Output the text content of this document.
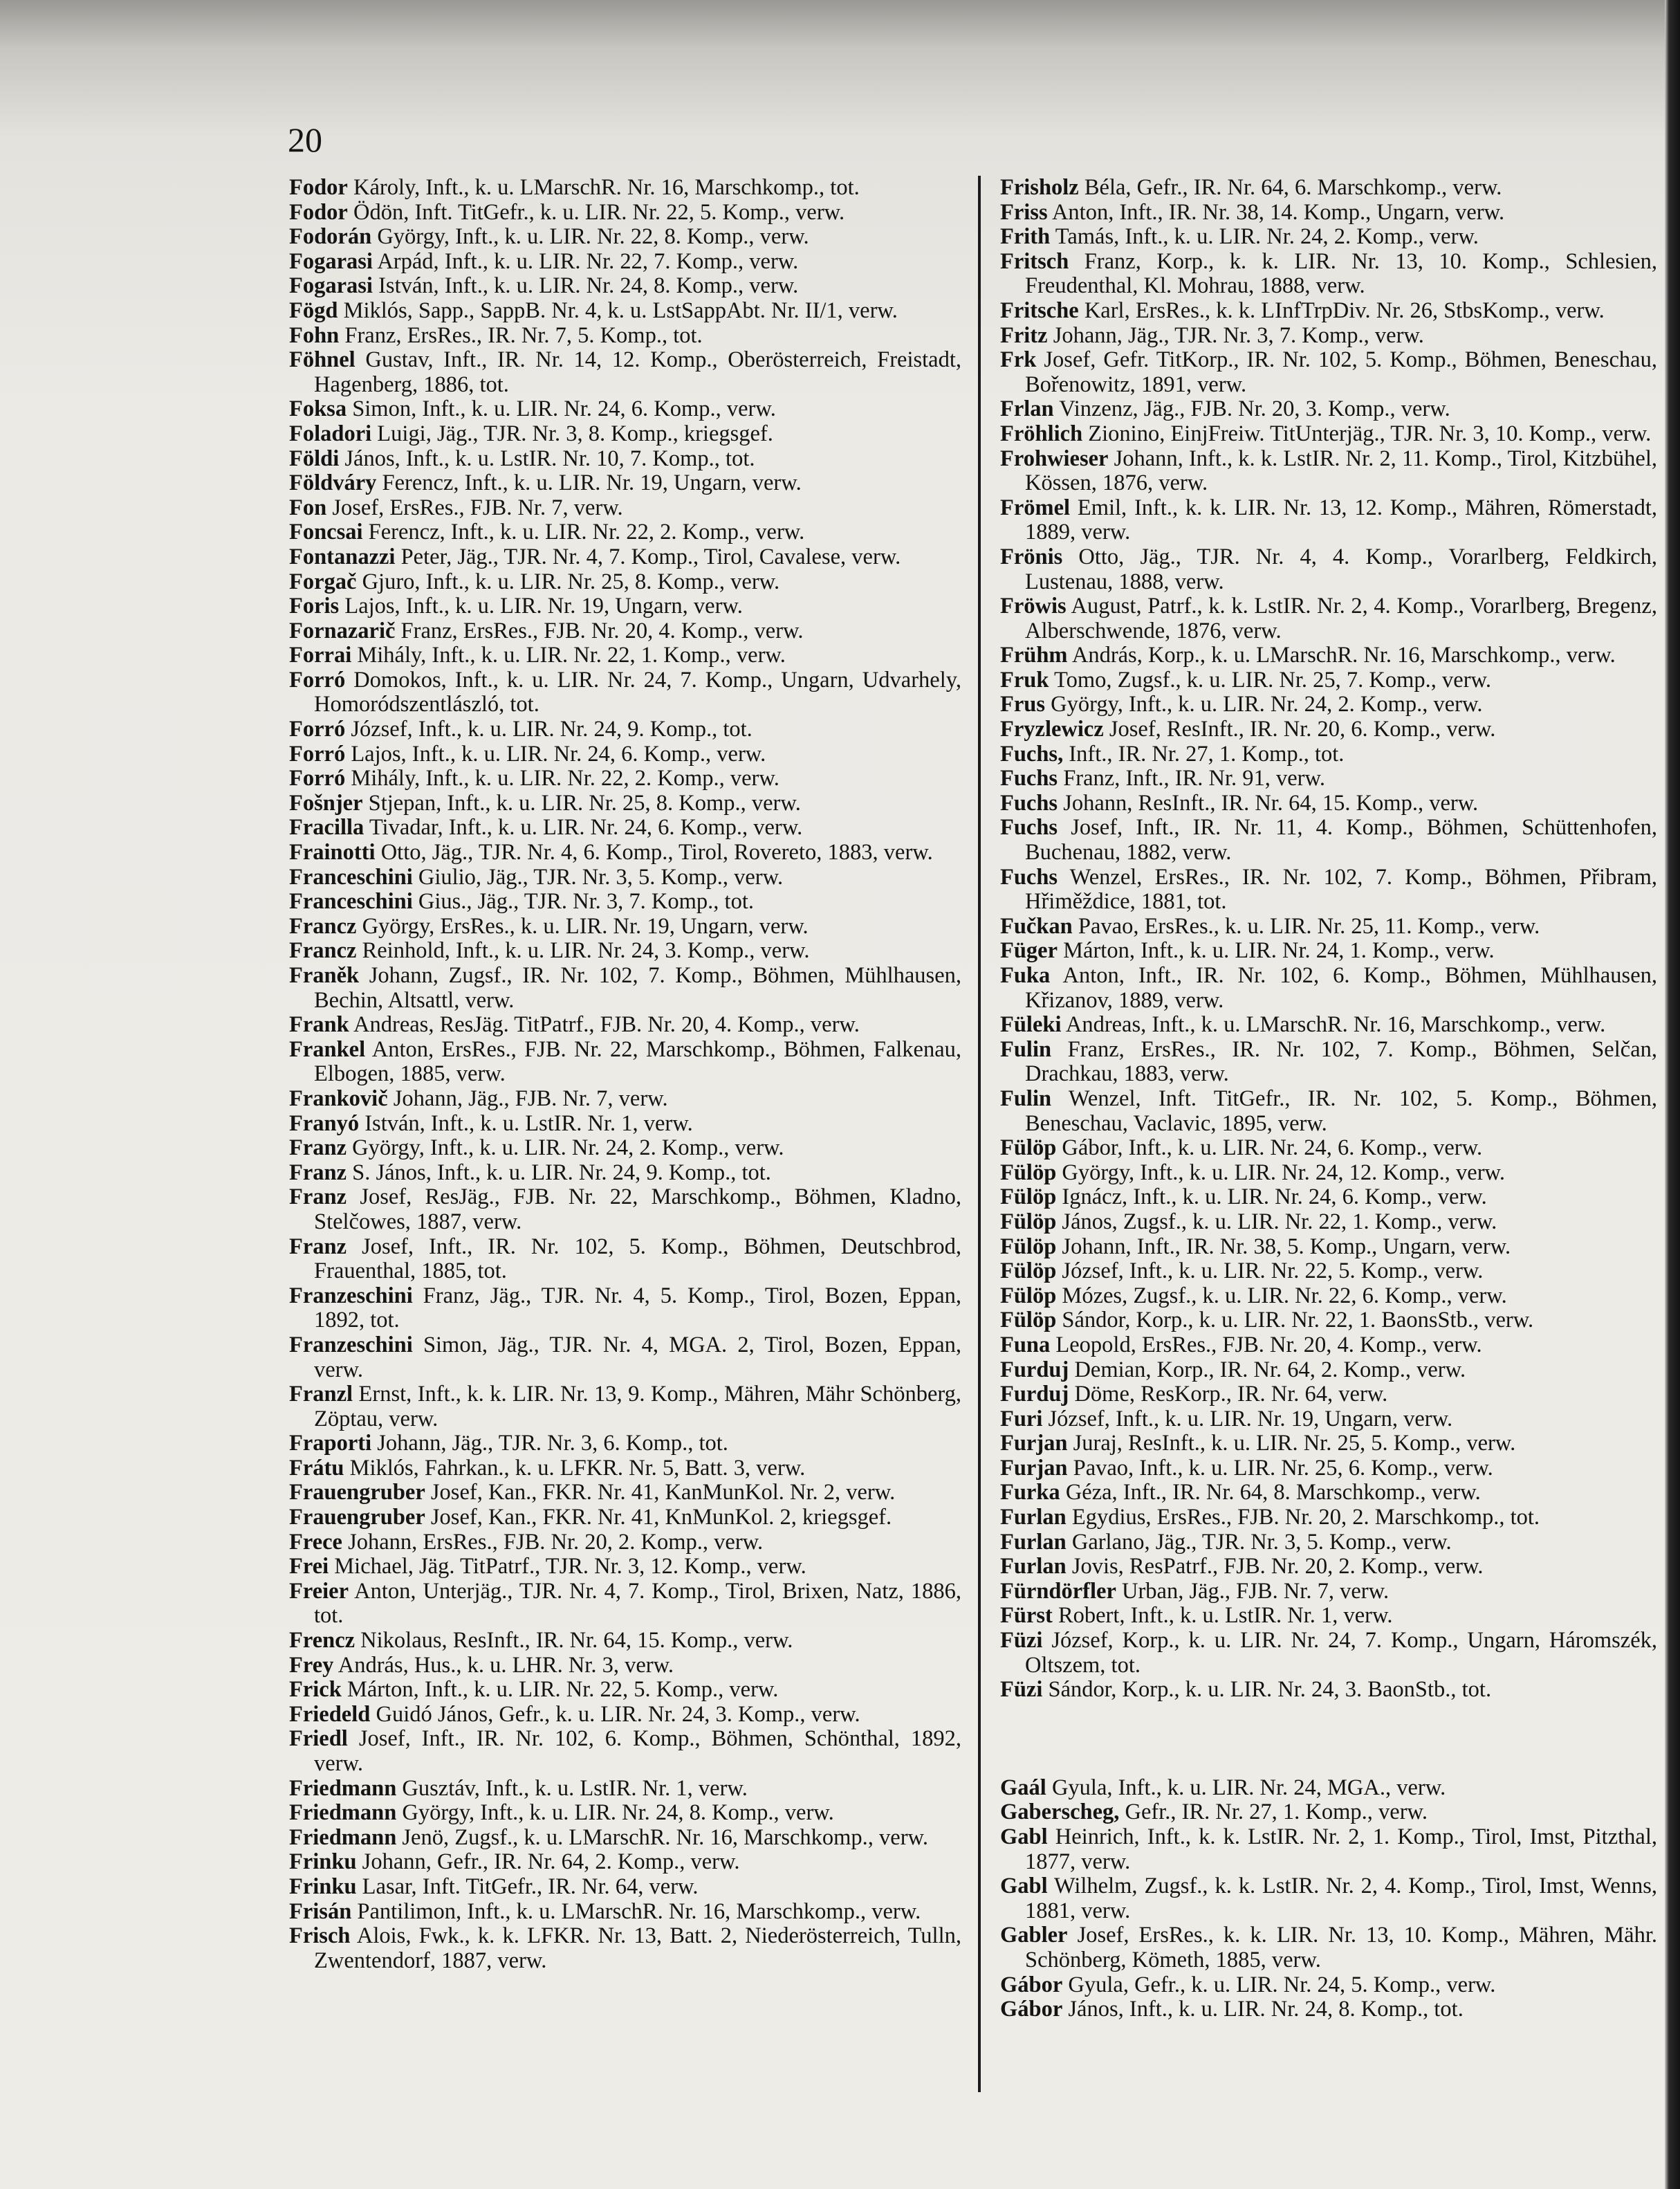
20

Fodor Károly, Inft., k. u. LMarschR. Nr. 16, Marschkomp., tot.

Fodor Ödön, Inft. TitGefr., k. u. LIR. Nr. 22, 5. Komp., verw.

Fodorán György, Inft., k. u. LIR. Nr. 22, 8. Komp., verw.

Fogarasi Arpád, Inft., k. u. LIR. Nr. 22, 7. Komp., verw.

Fogarasi István, Inft., k. u. LIR. Nr. 24, 8. Komp., verw.

Fögd Miklós, Sapp., SappB. Nr. 4, k. u. LstSappAbt. Nr. II/1, verw.

Fohn Franz, ErsRes., IR. Nr. 7, 5. Komp., tot.

Föhnel Gustav, Inft., IR. Nr. 14, 12. Komp., Oberösterreich, Freistadt, Hagenberg, 1886, tot.

Foksa Simon, Inft., k. u. LIR. Nr. 24, 6. Komp., verw.

Foladori Luigi, Jäg., TJR. Nr. 3, 8. Komp., kriegsgef.

Földi János, Inft., k. u. LstIR. Nr. 10, 7. Komp., tot.

Földváry Ferencz, Inft., k. u. LIR. Nr. 19, Ungarn, verw.

Fon Josef, ErsRes., FJB. Nr. 7, verw.

Foncsai Ferencz, Inft., k. u. LIR. Nr. 22, 2. Komp., verw.

Fontanazzi Peter, Jäg., TJR. Nr. 4, 7. Komp., Tirol, Cavalese, verw.

Forgač Gjuro, Inft., k. u. LIR. Nr. 25, 8. Komp., verw.

Foris Lajos, Inft., k. u. LIR. Nr. 19, Ungarn, verw.

Fornazarič Franz, ErsRes., FJB. Nr. 20, 4. Komp., verw.

Forrai Mihály, Inft., k. u. LIR. Nr. 22, 1. Komp., verw.

Forró Domokos, Inft., k. u. LIR. Nr. 24, 7. Komp., Ungarn, Udvarhely, Homoródszentlászló, tot.

Forró József, Inft., k. u. LIR. Nr. 24, 9. Komp., tot.

Forró Lajos, Inft., k. u. LIR. Nr. 24, 6. Komp., verw.

Forró Mihály, Inft., k. u. LIR. Nr. 22, 2. Komp., verw.

Fošnjer Stjepan, Inft., k. u. LIR. Nr. 25, 8. Komp., verw.

Fracilla Tivadar, Inft., k. u. LIR. Nr. 24, 6. Komp., verw.

Frainotti Otto, Jäg., TJR. Nr. 4, 6. Komp., Tirol, Rovereto, 1883, verw.

Franceschini Giulio, Jäg., TJR. Nr. 3, 5. Komp., verw.

Franceschini Gius., Jäg., TJR. Nr. 3, 7. Komp., tot.

Francz György, ErsRes., k. u. LIR. Nr. 19, Ungarn, verw.

Francz Reinhold, Inft., k. u. LIR. Nr. 24, 3. Komp., verw.

Franěk Johann, Zugsf., IR. Nr. 102, 7. Komp., Böhmen, Mühlhausen, Bechin, Altsattl, verw.

Frank Andreas, ResJäg. TitPatrf., FJB. Nr. 20, 4. Komp., verw.

Frankel Anton, ErsRes., FJB. Nr. 22, Marschkomp., Böhmen, Falkenau, Elbogen, 1885, verw.

Frankovič Johann, Jäg., FJB. Nr. 7, verw.

Franyó István, Inft., k. u. LstIR. Nr. 1, verw.

Franz György, Inft., k. u. LIR. Nr. 24, 2. Komp., verw.

Franz S. János, Inft., k. u. LIR. Nr. 24, 9. Komp., tot.

Franz Josef, ResJäg., FJB. Nr. 22, Marschkomp., Böhmen, Kladno, Stelčowes, 1887, verw.

Franz Josef, Inft., IR. Nr. 102, 5. Komp., Böhmen, Deutschbrod, Frauenthal, 1885, tot.

Franzeschini Franz, Jäg., TJR. Nr. 4, 5. Komp., Tirol, Bozen, Eppan, 1892, tot.

Franzeschini Simon, Jäg., TJR. Nr. 4, MGA. 2, Tirol, Bozen, Eppan, verw.

Franzl Ernst, Inft., k. k. LIR. Nr. 13, 9. Komp., Mähren, Mähr Schönberg, Zöptau, verw.

Fraporti Johann, Jäg., TJR. Nr. 3, 6. Komp., tot.

Frátu Miklós, Fahrkan., k. u. LFKR. Nr. 5, Batt. 3, verw.

Frauengruber Josef, Kan., FKR. Nr. 41, KanMunKol. Nr. 2, verw.

Frauengruber Josef, Kan., FKR. Nr. 41, KnMunKol. 2, kriegsgef.

Frece Johann, ErsRes., FJB. Nr. 20, 2. Komp., verw.

Frei Michael, Jäg. TitPatrf., TJR. Nr. 3, 12. Komp., verw.

Freier Anton, Unterjäg., TJR. Nr. 4, 7. Komp., Tirol, Brixen, Natz, 1886, tot.

Frencz Nikolaus, ResInft., IR. Nr. 64, 15. Komp., verw.

Frey András, Hus., k. u. LHR. Nr. 3, verw.

Frick Márton, Inft., k. u. LIR. Nr. 22, 5. Komp., verw.

Friedeld Guidó János, Gefr., k. u. LIR. Nr. 24, 3. Komp., verw.

Friedl Josef, Inft., IR. Nr. 102, 6. Komp., Böhmen, Schönthal, 1892, verw.

Friedmann Gusztáv, Inft., k. u. LstIR. Nr. 1, verw.

Friedmann György, Inft., k. u. LIR. Nr. 24, 8. Komp., verw.

Friedmann Jenö, Zugsf., k. u. LMarschR. Nr. 16, Marschkomp., verw.

Frinku Johann, Gefr., IR. Nr. 64, 2. Komp., verw.

Frinku Lasar, Inft. TitGefr., IR. Nr. 64, verw.

Frisán Pantilimon, Inft., k. u. LMarschR. Nr. 16, Marschkomp., verw.

Frisch Alois, Fwk., k. k. LFKR. Nr. 13, Batt. 2, Niederösterreich, Tulln, Zwentendorf, 1887, verw.

Frisholz Béla, Gefr., IR. Nr. 64, 6. Marschkomp., verw.

Friss Anton, Inft., IR. Nr. 38, 14. Komp., Ungarn, verw.

Frith Tamás, Inft., k. u. LIR. Nr. 24, 2. Komp., verw.

Fritsch Franz, Korp., k. k. LIR. Nr. 13, 10. Komp., Schlesien, Freudenthal, Kl. Mohrau, 1888, verw.

Fritsche Karl, ErsRes., k. k. LInfTrpDiv. Nr. 26, StbsKomp., verw.

Fritz Johann, Jäg., TJR. Nr. 3, 7. Komp., verw.

Frk Josef, Gefr. TitKorp., IR. Nr. 102, 5. Komp., Böhmen, Beneschau, Bořenowitz, 1891, verw.

Frlan Vinzenz, Jäg., FJB. Nr. 20, 3. Komp., verw.

Fröhlich Zionino, EinjFreiw. TitUnterjäg., TJR. Nr. 3, 10. Komp., verw.

Frohwieser Johann, Inft., k. k. LstIR. Nr. 2, 11. Komp., Tirol, Kitzbühel, Kössen, 1876, verw.

Frömel Emil, Inft., k. k. LIR. Nr. 13, 12. Komp., Mähren, Römerstadt, 1889, verw.

Frönis Otto, Jäg., TJR. Nr. 4, 4. Komp., Vorarlberg, Feldkirch, Lustenau, 1888, verw.

Fröwis August, Patrf., k. k. LstIR. Nr. 2, 4. Komp., Vorarlberg, Bregenz, Alberschwende, 1876, verw.

Frühm András, Korp., k. u. LMarschR. Nr. 16, Marschkomp., verw.

Fruk Tomo, Zugsf., k. u. LIR. Nr. 25, 7. Komp., verw.

Frus György, Inft., k. u. LIR. Nr. 24, 2. Komp., verw.

Fryzlewicz Josef, ResInft., IR. Nr. 20, 6. Komp., verw.

Fuchs, Inft., IR. Nr. 27, 1. Komp., tot.

Fuchs Franz, Inft., IR. Nr. 91, verw.

Fuchs Johann, ResInft., IR. Nr. 64, 15. Komp., verw.

Fuchs Josef, Inft., IR. Nr. 11, 4. Komp., Böhmen, Schüttenhofen, Buchenau, 1882, verw.

Fuchs Wenzel, ErsRes., IR. Nr. 102, 7. Komp., Böhmen, Přibram, Hřiměždice, 1881, tot.

Fučkan Pavao, ErsRes., k. u. LIR. Nr. 25, 11. Komp., verw.

Füger Márton, Inft., k. u. LIR. Nr. 24, 1. Komp., verw.

Fuka Anton, Inft., IR. Nr. 102, 6. Komp., Böhmen, Mühlhausen, Křizanov, 1889, verw.

Füleki Andreas, Inft., k. u. LMarschR. Nr. 16, Marschkomp., verw.

Fulin Franz, ErsRes., IR. Nr. 102, 7. Komp., Böhmen, Selčan, Drachkau, 1883, verw.

Fulin Wenzel, Inft. TitGefr., IR. Nr. 102, 5. Komp., Böhmen, Beneschau, Vaclavic, 1895, verw.

Fülöp Gábor, Inft., k. u. LIR. Nr. 24, 6. Komp., verw.

Fülöp György, Inft., k. u. LIR. Nr. 24, 12. Komp., verw.

Fülöp Ignácz, Inft., k. u. LIR. Nr. 24, 6. Komp., verw.

Fülöp János, Zugsf., k. u. LIR. Nr. 22, 1. Komp., verw.

Fülöp Johann, Inft., IR. Nr. 38, 5. Komp., Ungarn, verw.

Fülöp József, Inft., k. u. LIR. Nr. 22, 5. Komp., verw.

Fülöp Mózes, Zugsf., k. u. LIR. Nr. 22, 6. Komp., verw.

Fülöp Sándor, Korp., k. u. LIR. Nr. 22, 1. BaonsStb., verw.

Funa Leopold, ErsRes., FJB. Nr. 20, 4. Komp., verw.

Furduj Demian, Korp., IR. Nr. 64, 2. Komp., verw.

Furduj Döme, ResKorp., IR. Nr. 64, verw.

Furi József, Inft., k. u. LIR. Nr. 19, Ungarn, verw.

Furjan Juraj, ResInft., k. u. LIR. Nr. 25, 5. Komp., verw.

Furjan Pavao, Inft., k. u. LIR. Nr. 25, 6. Komp., verw.

Furka Géza, Inft., IR. Nr. 64, 8. Marschkomp., verw.

Furlan Egydius, ErsRes., FJB. Nr. 20, 2. Marschkomp., tot.

Furlan Garlano, Jäg., TJR. Nr. 3, 5. Komp., verw.

Furlan Jovis, ResPatrf., FJB. Nr. 20, 2. Komp., verw.

Fürndörfler Urban, Jäg., FJB. Nr. 7, verw.

Fürst Robert, Inft., k. u. LstIR. Nr. 1, verw.

Füzi József, Korp., k. u. LIR. Nr. 24, 7. Komp., Ungarn, Háromszék, Oltszem, tot.

Füzi Sándor, Korp., k. u. LIR. Nr. 24, 3. BaonStb., tot.

Gaál Gyula, Inft., k. u. LIR. Nr. 24, MGA., verw.

Gaberscheg, Gefr., IR. Nr. 27, 1. Komp., verw.

Gabl Heinrich, Inft., k. k. LstIR. Nr. 2, 1. Komp., Tirol, Imst, Pitzthal, 1877, verw.

Gabl Wilhelm, Zugsf., k. k. LstIR. Nr. 2, 4. Komp., Tirol, Imst, Wenns, 1881, verw.

Gabler Josef, ErsRes., k. k. LIR. Nr. 13, 10. Komp., Mähren, Mähr. Schönberg, Kömeth, 1885, verw.

Gábor Gyula, Gefr., k. u. LIR. Nr. 24, 5. Komp., verw.

Gábor János, Inft., k. u. LIR. Nr. 24, 8. Komp., tot.
